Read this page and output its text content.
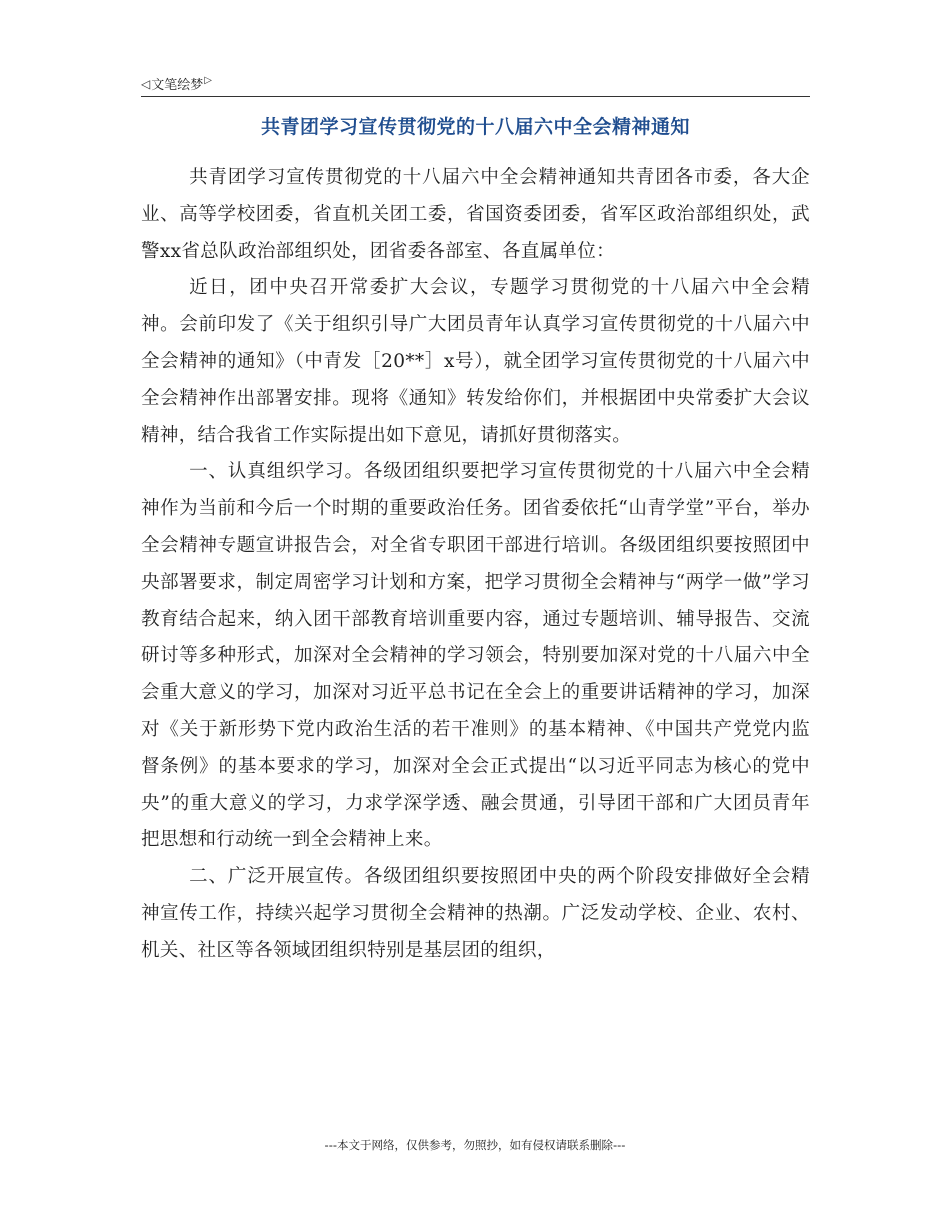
◁ 文笔绘梦 ▷
共青团学习宣传贯彻党的十八届六中全会精神通知

共青团学习宣传贯彻党的十八届六中全会精神通知共青团各市委，各大企业、高等学校团委，省直机关团工委，省国资委团委，省军区政治部组织处，武警xx省总队政治部组织处，团省委各部室、各直属单位：

近日，团中央召开常委扩大会议，专题学习贯彻党的十八届六中全会精神。会前印发了《关于组织引导广大团员青年认真学习宣传贯彻党的十八届六中全会精神的通知》（中青发［20**］x号），就全团学习宣传贯彻党的十八届六中全会精神作出部署安排。现将《通知》转发给你们，并根据团中央常委扩大会议精神，结合我省工作实际提出如下意见，请抓好贯彻落实。

一、认真组织学习。各级团组织要把学习宣传贯彻党的十八届六中全会精神作为当前和今后一个时期的重要政治任务。团省委依托“山青学堂”平台，举办全会精神专题宣讲报告会，对全省专职团干部进行培训。各级团组织要按照团中央部署要求，制定周密学习计划和方案，把学习贯彻全会精神与“两学一做”学习教育结合起来，纳入团干部教育培训重要内容，通过专题培训、辅导报告、交流研讨等多种形式，加深对全会精神的学习领会，特别要加深对党的十八届六中全会重大意义的学习，加深对习近平总书记在全会上的重要讲话精神的学习，加深对《关于新形势下党内政治生活的若干准则》的基本精神、《中国共产党党内监督条例》的基本要求的学习，加深对全会正式提出“以习近平同志为核心的党中央”的重大意义的学习，力求学深学透、融会贯通，引导团干部和广大团员青年把思想和行动统一到全会精神上来。

二、广泛开展宣传。各级团组织要按照团中央的两个阶段安排做好全会精神宣传工作，持续兴起学习贯彻全会精神的热潮。广泛发动学校、企业、农村、机关、社区等各领域团组织特别是基层团的组织，

---本文于网络，仅供参考，勿照抄，如有侵权请联系删除---
